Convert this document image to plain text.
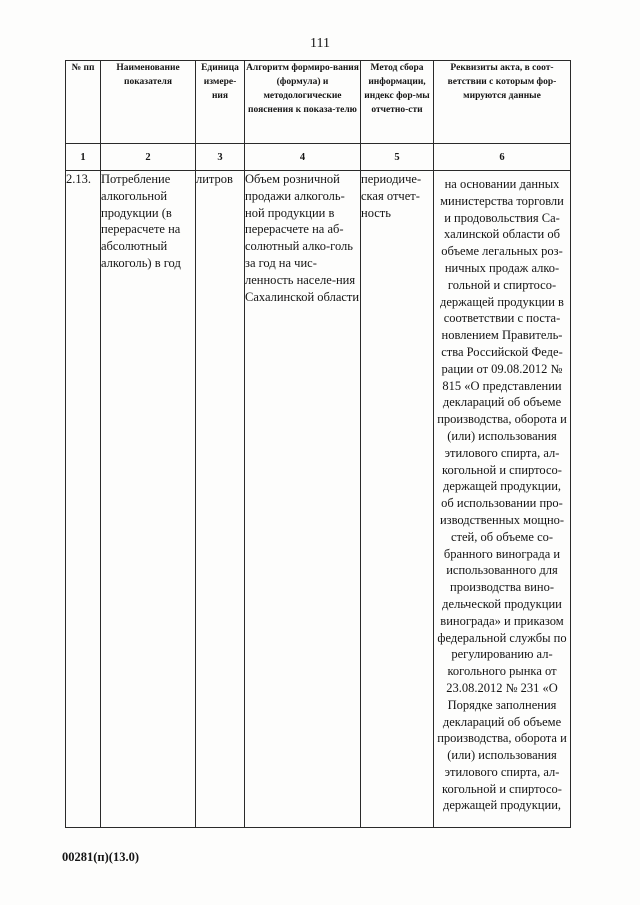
111
№ пп	Наименование показателя	Единица измере-ния	Алгоритм формиро-вания (формула) и методологические пояснения к показа-телю	Метод сбора информации, индекс фор-мы отчетно-сти	Реквизиты акта, в соот-ветствии с которым фор-мируются данные
1	2	3	4	5	6
2.13.	Потребление алкогольной продукции (в перерасчете на абсолютный алкоголь) в год	литров	Объем розничной продажи алкоголь-ной продукции в перерасчете на аб-солютный алко-голь за год на чис-ленность населе-ния Сахалинской области	периодиче-ская отчет-ность	на основании данных министерства торговли и продовольствия Са-халинской области об объеме легальных роз-ничных продаж алко-гольной и спиртосо-держащей продукции в соответствии с поста-новлением Правитель-ства Российской Феде-рации от 09.08.2012 № 815 «О представлении деклараций об объеме производства, оборота и (или) использования этилового спирта, ал-когольной и спиртосо-держащей продукции, об использовании про-изводственных мощно-стей, об объеме со-бранного винограда и использованного для производства вино-дельческой продукции винограда» и приказом федеральной службы по регулированию ал-когольного рынка от 23.08.2012 № 231 «О Порядке заполнения деклараций об объеме производства, оборота и (или) использования этилового спирта, ал-когольной и спиртосо-держащей продукции,
00281(п)(13.0)
